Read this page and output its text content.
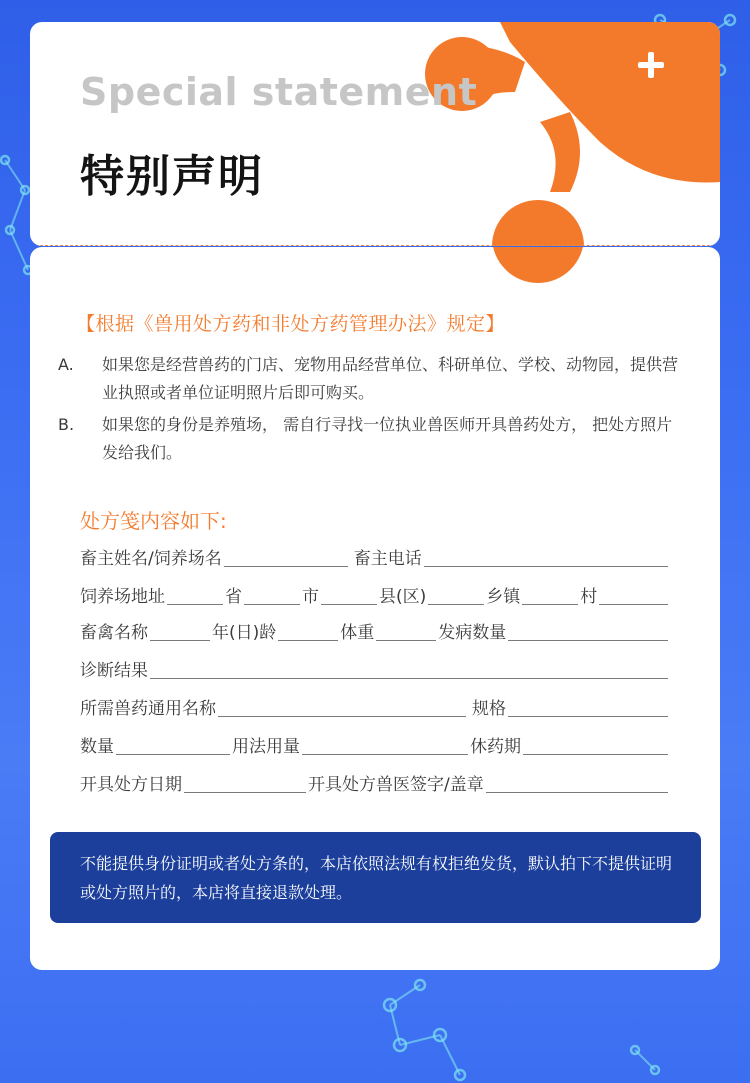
Special statement
特别声明
【根据《兽用处方药和非处方药管理办法》规定】
A. 如果您是经营兽药的门店、宠物用品经营单位、科研单位、学校、动物园，提供营业执照或者单位证明照片后即可购买。
B. 如果您的身份是养殖场， 需自行寻找一位执业兽医师开具兽药处方， 把处方照片发给我们。
处方笺内容如下:
畜主姓名/饲养场名	畜主电话
饲养场地址	省	市	县(区)	乡镇	村
畜禽名称	年(日)龄	体重	发病数量
诊断结果
所需兽药通用名称	规格
数量	用法用量	休药期
开具处方日期	开具处方兽医签字/盖章
不能提供身份证明或者处方条的，本店依照法规有权拒绝发货，默认拍下不提供证明或处方照片的，本店将直接退款处理。
